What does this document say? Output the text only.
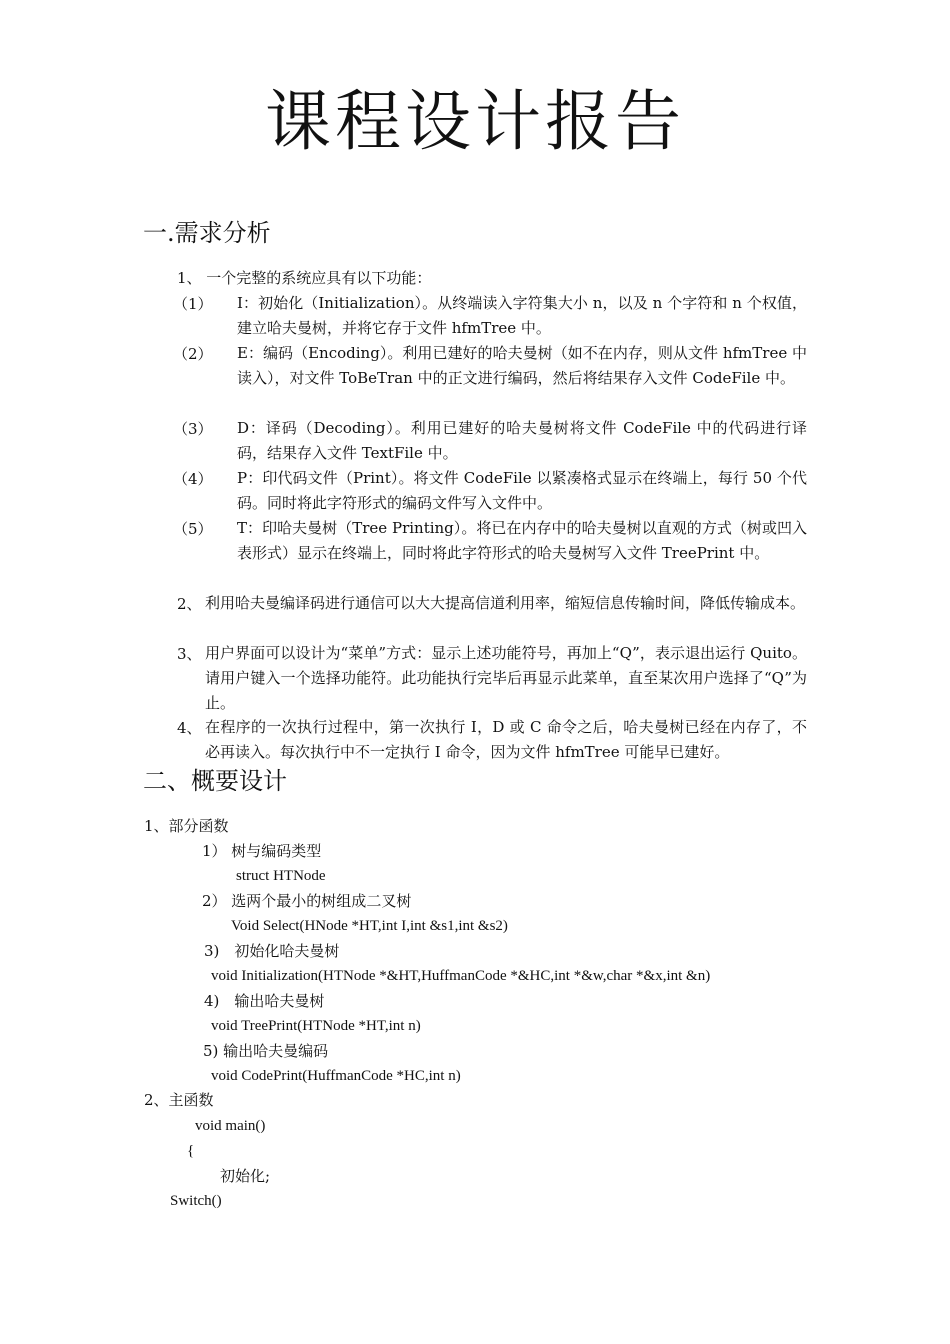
课程设计报告
一.需求分析
1、 一个完整的系统应具有以下功能：
（1） I：初始化（Initialization）。从终端读入字符集大小 n，以及 n 个字符和 n 个权值，建立哈夫曼树，并将它存于文件 hfmTree 中。
（2） E：编码（Encoding）。利用已建好的哈夫曼树（如不在内存，则从文件 hfmTree 中读入），对文件 ToBeTran 中的正文进行编码，然后将结果存入文件 CodeFile 中。
（3） D：译码（Decoding）。利用已建好的哈夫曼树将文件 CodeFile 中的代码进行译码，结果存入文件 TextFile 中。
（4） P：印代码文件（Print）。将文件 CodeFile 以紧凑格式显示在终端上，每行 50 个代码。同时将此字符形式的编码文件写入文件中。
（5） T：印哈夫曼树（Tree Printing）。将已在内存中的哈夫曼树以直观的方式（树或凹入表形式）显示在终端上，同时将此字符形式的哈夫曼树写入文件 TreePrint 中。
2、 利用哈夫曼编译码进行通信可以大大提高信道利用率，缩短信息传输时间，降低传输成本。
3、 用户界面可以设计为“菜单”方式：显示上述功能符号，再加上“Q”，表示退出运行 Quito。请用户键入一个选择功能符。此功能执行完毕后再显示此菜单，直至某次用户选择了“Q”为止。
4、 在程序的一次执行过程中，第一次执行 I，D 或 C 命令之后，哈夫曼树已经在内存了，不必再读入。每次执行中不一定执行 I 命令，因为文件 hfmTree 可能早已建好。
二、概要设计
1、部分函数
1） 树与编码类型
struct HTNode
2） 选两个最小的树组成二叉树
Void Select(HNode *HT,int I,int &s1,int &s2)
3)　初始化哈夫曼树
void Initialization(HTNode *&HT,HuffmanCode *&HC,int *&w,char *&x,int &n)
4)　输出哈夫曼树
void TreePrint(HTNode *HT,int n)
5) 输出哈夫曼编码
void CodePrint(HuffmanCode *HC,int n)
2、主函数
void main()
{
初始化;
Switch()
